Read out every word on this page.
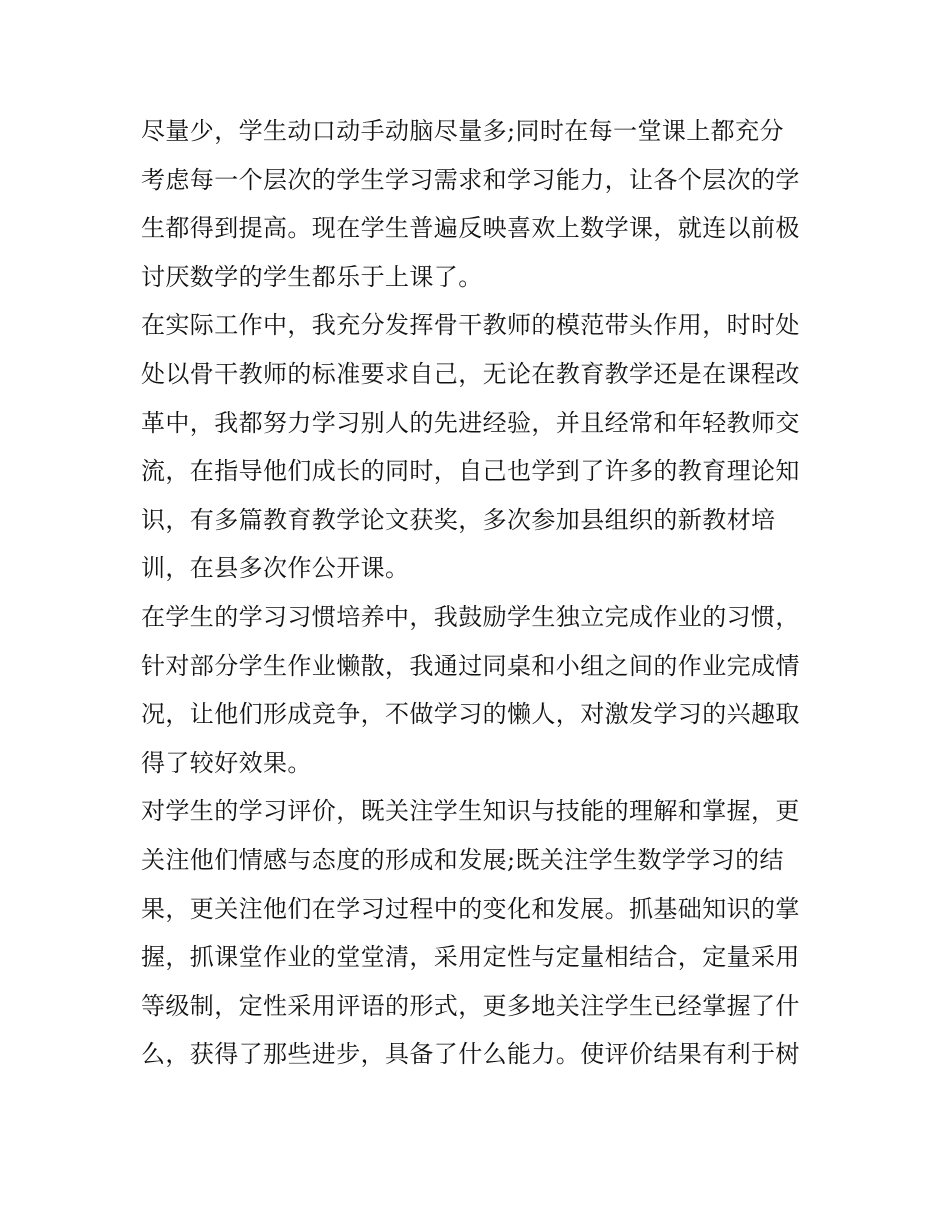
尽量少，学生动口动手动脑尽量多;同时在每一堂课上都充分
考虑每一个层次的学生学习需求和学习能力，让各个层次的学
生都得到提高。现在学生普遍反映喜欢上数学课，就连以前极
讨厌数学的学生都乐于上课了。
在实际工作中，我充分发挥骨干教师的模范带头作用，时时处
处以骨干教师的标准要求自己，无论在教育教学还是在课程改
革中，我都努力学习别人的先进经验，并且经常和年轻教师交
流，在指导他们成长的同时，自己也学到了许多的教育理论知
识，有多篇教育教学论文获奖，多次参加县组织的新教材培
训，在县多次作公开课。
在学生的学习习惯培养中，我鼓励学生独立完成作业的习惯，
针对部分学生作业懒散，我通过同桌和小组之间的作业完成情
况，让他们形成竞争，不做学习的懒人，对激发学习的兴趣取
得了较好效果。
对学生的学习评价，既关注学生知识与技能的理解和掌握，更
关注他们情感与态度的形成和发展;既关注学生数学学习的结
果，更关注他们在学习过程中的变化和发展。抓基础知识的掌
握，抓课堂作业的堂堂清，采用定性与定量相结合，定量采用
等级制，定性采用评语的形式，更多地关注学生已经掌握了什
么，获得了那些进步，具备了什么能力。使评价结果有利于树
